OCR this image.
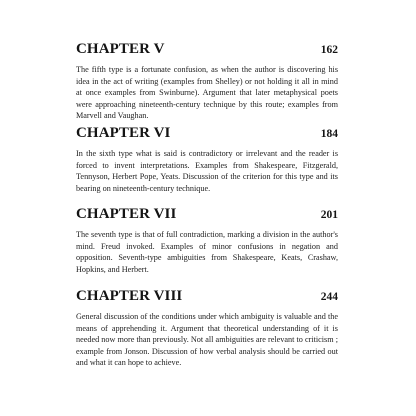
CHAPTER V	162

The fifth type is a fortunate confusion, as when the author is discovering his idea in the act of writing (examples from Shelley) or not holding it all in mind at once examples from Swinburne). Argument that later metaphysical poets were approaching nineteenth-century technique by this route; examples from Marvell and Vaughan.

CHAPTER VI	184

In the sixth type what is said is contradictory or irrelevant and the reader is forced to invent interpretations. Examples from Shakespeare, Fitzgerald, Tennyson, Herbert Pope, Yeats. Discussion of the criterion for this type and its bearing on nineteenth-century technique.

CHAPTER VII	201

The seventh type is that of full contradiction, marking a division in the author's mind. Freud invoked. Examples of minor confusions in negation and opposition. Seventh-type ambiguities from Shakespeare, Keats, Crashaw, Hopkins, and Herbert.

CHAPTER VIII	244

General discussion of the conditions under which ambiguity is valuable and the means of apprehending it. Argument that theoretical understanding of it is needed now more than previously. Not all ambiguities are relevant to criticism ; example from Jonson. Discussion of how verbal analysis should be carried out and what it can hope to achieve.
